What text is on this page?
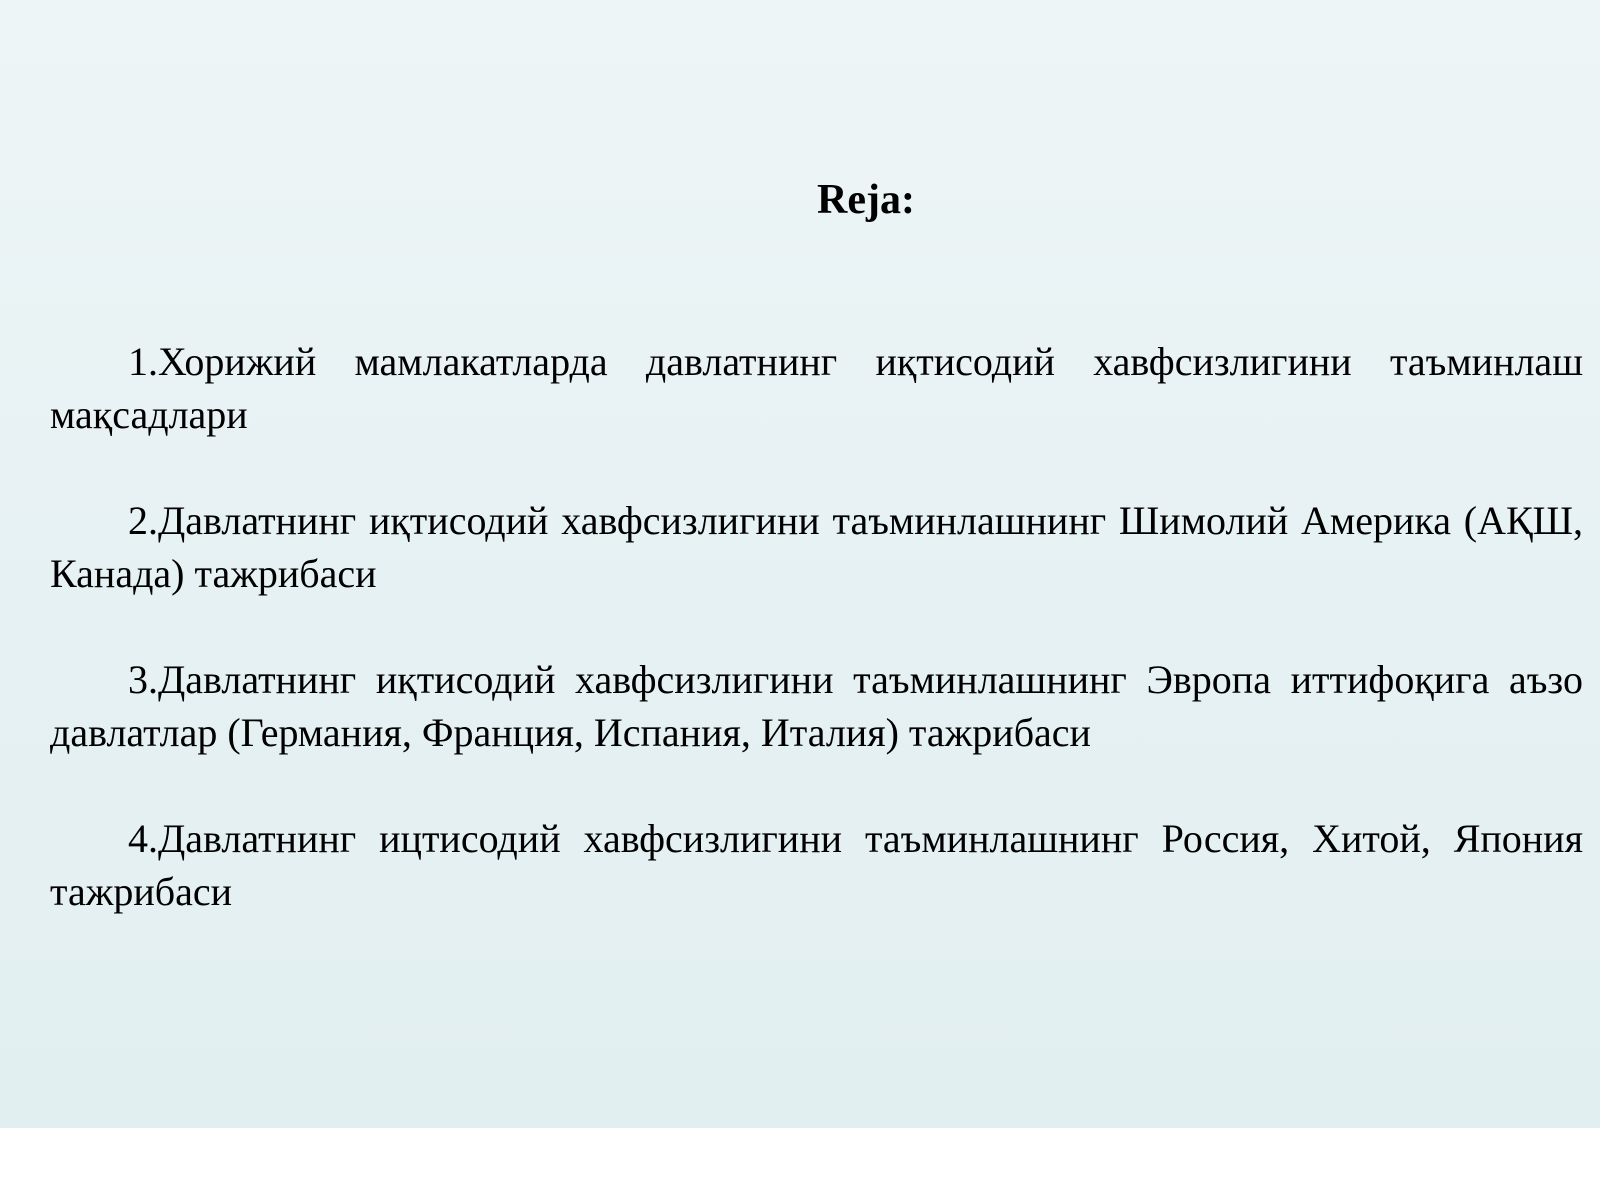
Reja:
1.Хорижий мамлакатларда давлатнинг иқтисодий хавфсизлигини таъминлаш мақсадлари
2.Давлатнинг иқтисодий хавфсизлигини таъминлашнинг Шимолий Америка (АҚШ, Канада) тажрибаси
3.Давлатнинг иқтисодий хавфсизлигини таъминлашнинг Эвропа иттифоқига аъзо давлатлар (Германия, Франция, Испания, Италия) тажрибаси
4.Давлатнинг ицтисодий хавфсизлигини таъминлашнинг Россия, Хитой, Япония тажрибаси
